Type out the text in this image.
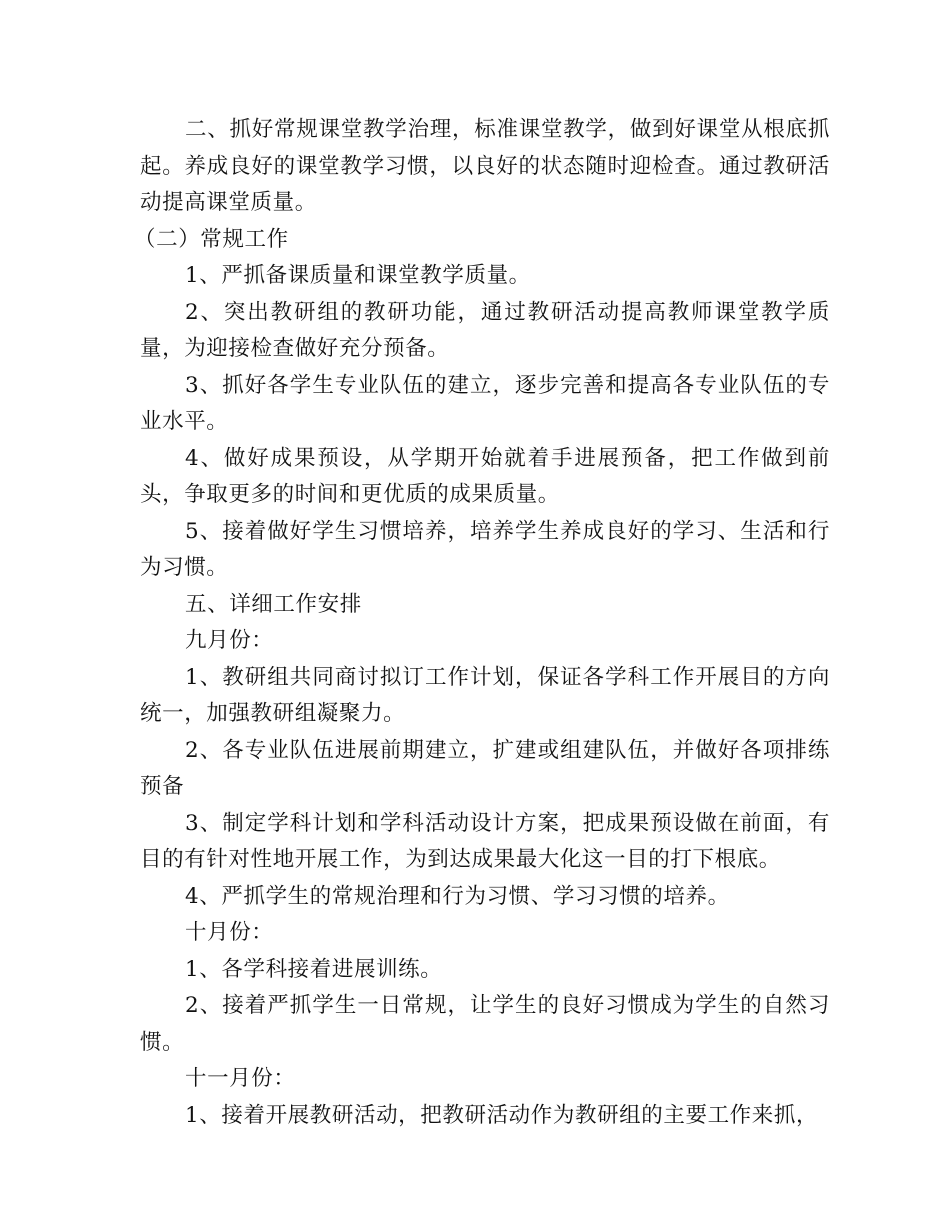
二、抓好常规课堂教学治理，标准课堂教学，做到好课堂从根底抓起。养成良好的课堂教学习惯，以良好的状态随时迎检查。通过教研活动提高课堂质量。

（二）常规工作

1、严抓备课质量和课堂教学质量。

2、突出教研组的教研功能，通过教研活动提高教师课堂教学质量，为迎接检查做好充分预备。

3、抓好各学生专业队伍的建立，逐步完善和提高各专业队伍的专业水平。

4、做好成果预设，从学期开始就着手进展预备，把工作做到前头，争取更多的时间和更优质的成果质量。

5、接着做好学生习惯培养，培养学生养成良好的学习、生活和行为习惯。

五、详细工作安排

九月份：

1、教研组共同商讨拟订工作计划，保证各学科工作开展目的方向统一，加强教研组凝聚力。

2、各专业队伍进展前期建立，扩建或组建队伍，并做好各项排练预备

3、制定学科计划和学科活动设计方案，把成果预设做在前面，有目的有针对性地开展工作，为到达成果最大化这一目的打下根底。

4、严抓学生的常规治理和行为习惯、学习习惯的培养。

十月份：

1、各学科接着进展训练。

2、接着严抓学生一日常规，让学生的良好习惯成为学生的自然习惯。

十一月份：

1、接着开展教研活动，把教研活动作为教研组的主要工作来抓，
